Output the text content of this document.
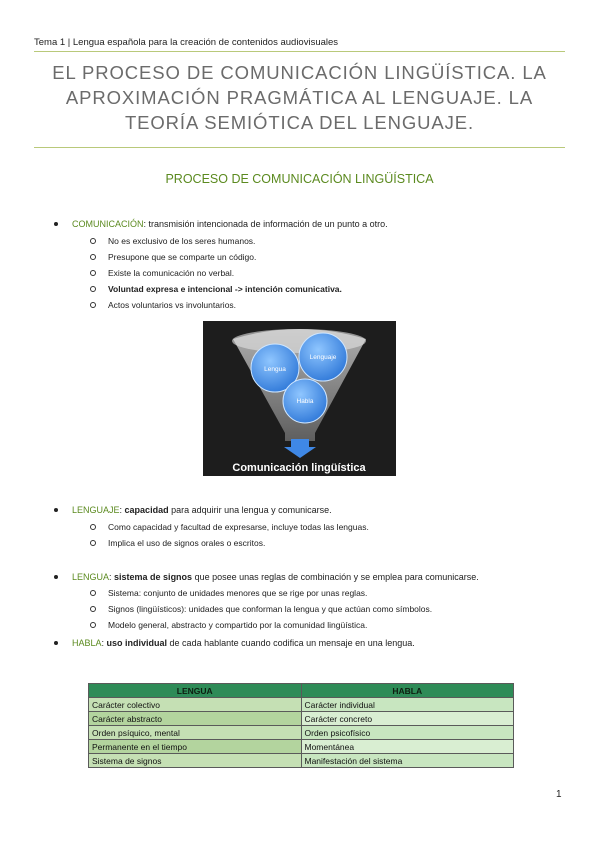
Tema 1 | Lengua española para la creación de contenidos audiovisuales
EL PROCESO DE COMUNICACIÓN LINGÜÍSTICA. LA
APROXIMACIÓN PRAGMÁTICA AL LENGUAJE. LA
TEORÍA SEMIÓTICA DEL LENGUAJE.
PROCESO DE COMUNICACIÓN LINGÜÍSTICA
COMUNICACIÓN: transmisión intencionada de información de un punto a otro.
No es exclusivo de los seres humanos.
Presupone que se comparte un código.
Existe la comunicación no verbal.
Voluntad expresa e intencional -> intención comunicativa.
Actos voluntarios vs involuntarios.
Lengua
Lenguaje
Habla
Comunicación lingüística
LENGUAJE: capacidad para adquirir una lengua y comunicarse.
Como capacidad y facultad de expresarse, incluye todas las lenguas.
Implica el uso de signos orales o escritos.
LENGUA: sistema de signos que posee unas reglas de combinación y se emplea para comunicarse.
Sistema: conjunto de unidades menores que se rige por unas reglas.
Signos (lingüísticos): unidades que conforman la lengua y que actúan como símbolos.
Modelo general, abstracto y compartido por la comunidad lingüística.
HABLA: uso individual de cada hablante cuando codifica un mensaje en una lengua.
LENGUA	HABLA
Carácter colectivo	Carácter individual
Carácter abstracto	Carácter concreto
Orden psíquico, mental	Orden psicofísico
Permanente en el tiempo	Momentánea
Sistema de signos	Manifestación del sistema
1
